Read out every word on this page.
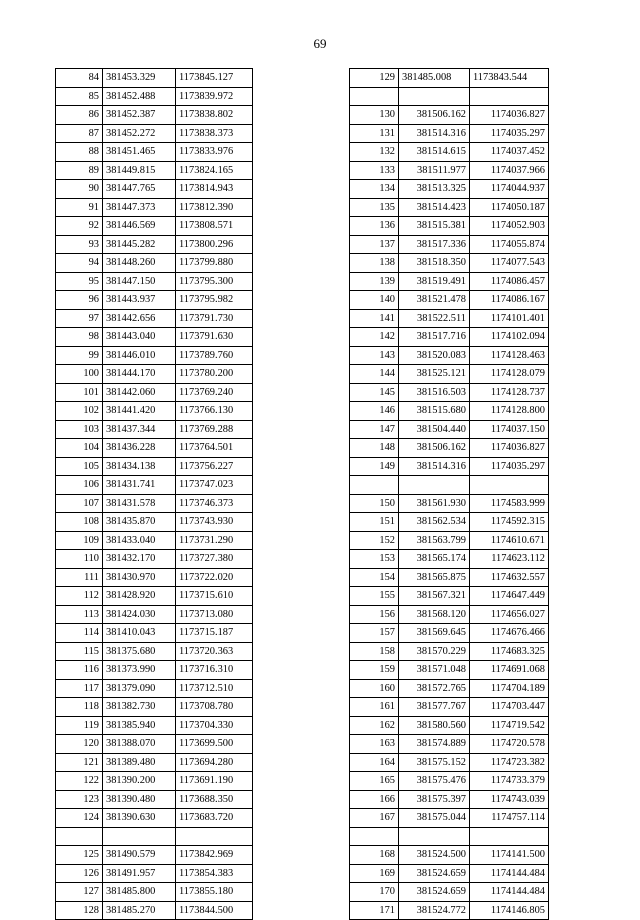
69
84	381453.329	1173845.127
85	381452.488	1173839.972
86	381452.387	1173838.802
87	381452.272	1173838.373
88	381451.465	1173833.976
89	381449.815	1173824.165
90	381447.765	1173814.943
91	381447.373	1173812.390
92	381446.569	1173808.571
93	381445.282	1173800.296
94	381448.260	1173799.880
95	381447.150	1173795.300
96	381443.937	1173795.982
97	381442.656	1173791.730
98	381443.040	1173791.630
99	381446.010	1173789.760
100	381444.170	1173780.200
101	381442.060	1173769.240
102	381441.420	1173766.130
103	381437.344	1173769.288
104	381436.228	1173764.501
105	381434.138	1173756.227
106	381431.741	1173747.023
107	381431.578	1173746.373
108	381435.870	1173743.930
109	381433.040	1173731.290
110	381432.170	1173727.380
111	381430.970	1173722.020
112	381428.920	1173715.610
113	381424.030	1173713.080
114	381410.043	1173715.187
115	381375.680	1173720.363
116	381373.990	1173716.310
117	381379.090	1173712.510
118	381382.730	1173708.780
119	381385.940	1173704.330
120	381388.070	1173699.500
121	381389.480	1173694.280
122	381390.200	1173691.190
123	381390.480	1173688.350
124	381390.630	1173683.720

125	381490.579	1173842.969
126	381491.957	1173854.383
127	381485.800	1173855.180
128	381485.270	1173844.500
129	381485.008	1173843.544

130	381506.162	1174036.827
131	381514.316	1174035.297
132	381514.615	1174037.452
133	381511.977	1174037.966
134	381513.325	1174044.937
135	381514.423	1174050.187
136	381515.381	1174052.903
137	381517.336	1174055.874
138	381518.350	1174077.543
139	381519.491	1174086.457
140	381521.478	1174086.167
141	381522.511	1174101.401
142	381517.716	1174102.094
143	381520.083	1174128.463
144	381525.121	1174128.079
145	381516.503	1174128.737
146	381515.680	1174128.800
147	381504.440	1174037.150
148	381506.162	1174036.827
149	381514.316	1174035.297

150	381561.930	1174583.999
151	381562.534	1174592.315
152	381563.799	1174610.671
153	381565.174	1174623.112
154	381565.875	1174632.557
155	381567.321	1174647.449
156	381568.120	1174656.027
157	381569.645	1174676.466
158	381570.229	1174683.325
159	381571.048	1174691.068
160	381572.765	1174704.189
161	381577.767	1174703.447
162	381580.560	1174719.542
163	381574.889	1174720.578
164	381575.152	1174723.382
165	381575.476	1174733.379
166	381575.397	1174743.039
167	381575.044	1174757.114

168	381524.500	1174141.500
169	381524.659	1174144.484
170	381524.659	1174144.484
171	381524.772	1174146.805
